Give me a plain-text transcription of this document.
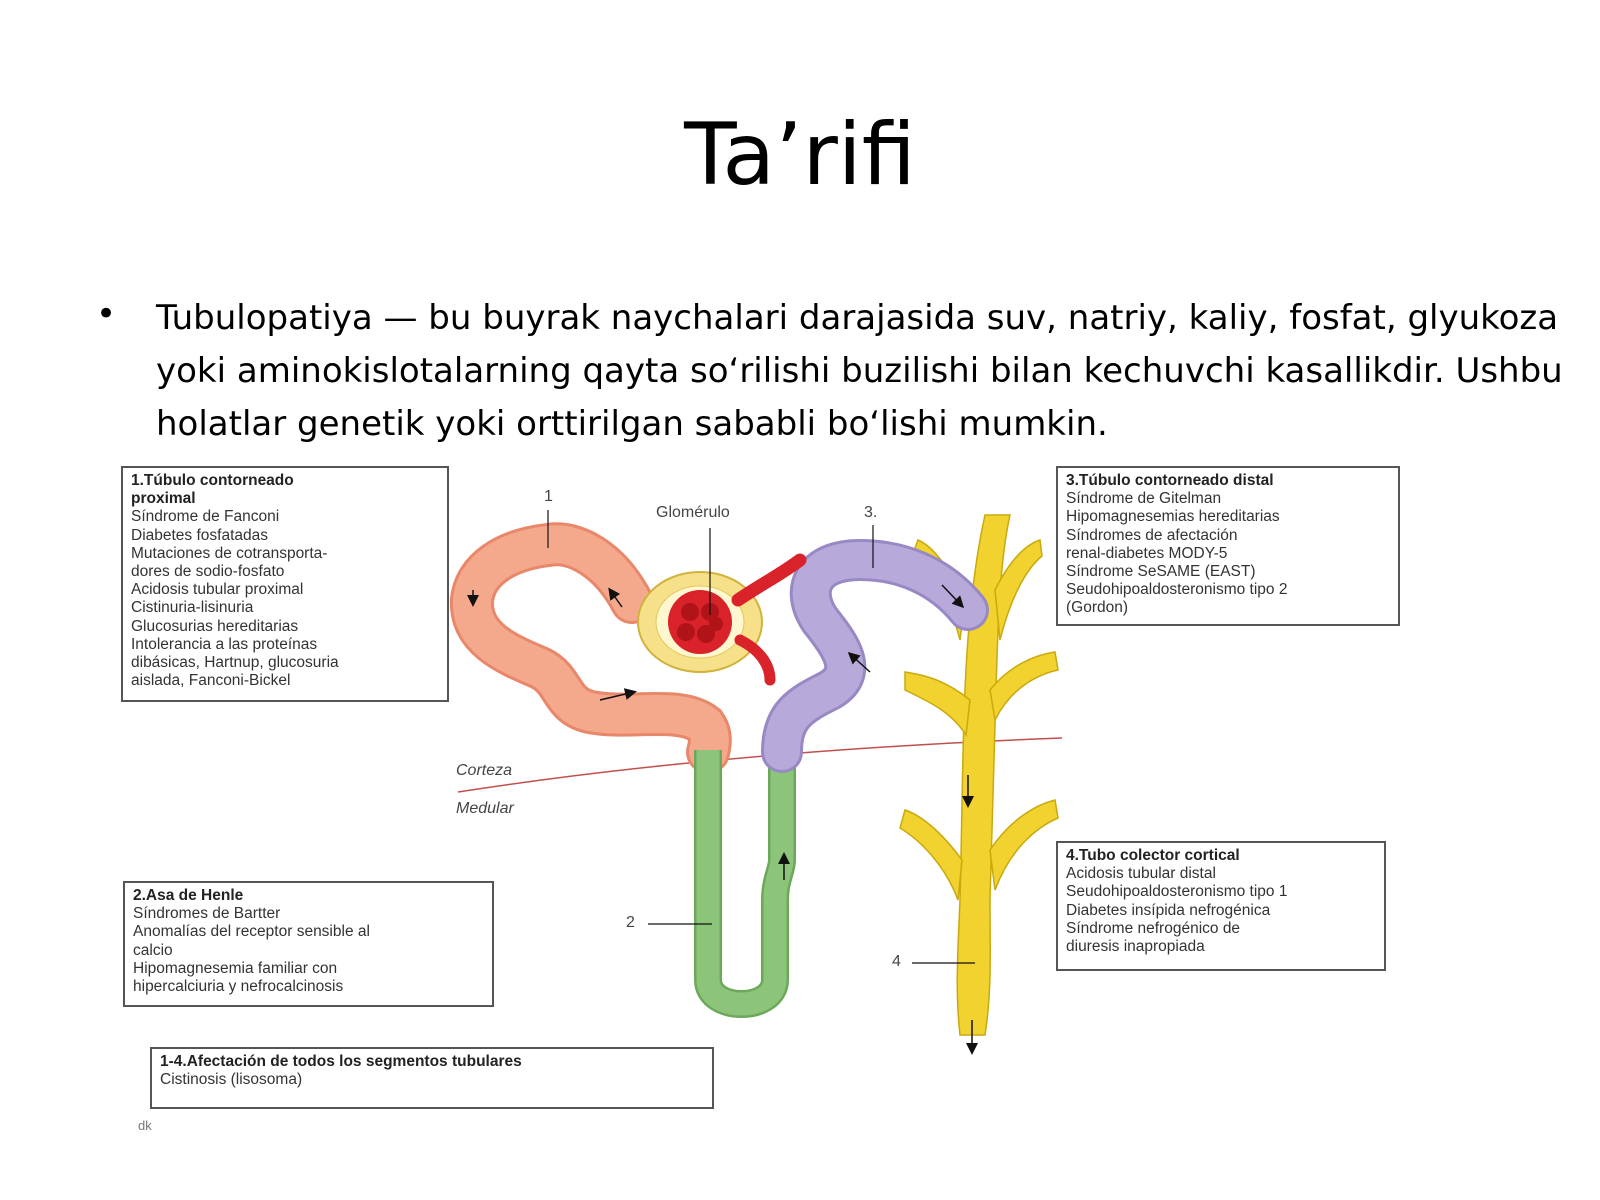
Ta’rifi
• Tubulopatiya — bu buyrak naychalari darajasida suv, natriy, kaliy, fosfat, glyukoza yoki aminokislotalarning qayta so‘rilishi buzilishi bilan kechuvchi kasallikdir. Ushbu holatlar genetik yoki orttirilgan sababli bo‘lishi mumkin.
1
Glomérulo	3.
Corteza
Medular
2
4
1.Túbulo contorneado
proximal
Síndrome de Fanconi
Diabetes fosfatadas
Mutaciones de cotransporta-
dores de sodio-fosfato
Acidosis tubular proximal
Cistinuria-lisinuria
Glucosurias hereditarias
Intolerancia a las proteínas
dibásicas, Hartnup, glucosuria
aislada, Fanconi-Bickel
2.Asa de Henle
Síndromes de Bartter
Anomalías del receptor sensible al
calcio
Hipomagnesemia familiar con
hipercalciuria y nefrocalcinosis
3.Túbulo contorneado distal
Síndrome de Gitelman
Hipomagnesemias hereditarias
Síndromes de afectación
renal-diabetes MODY-5
Síndrome SeSAME (EAST)
Seudohipoaldosteronismo tipo 2
(Gordon)
4.Tubo colector cortical
Acidosis tubular distal
Seudohipoaldosteronismo tipo 1
Diabetes insípida nefrogénica
Síndrome nefrogénico de
diuresis inapropiada
1-4.Afectación de todos los segmentos tubulares
Cistinosis (lisosoma)
dk
